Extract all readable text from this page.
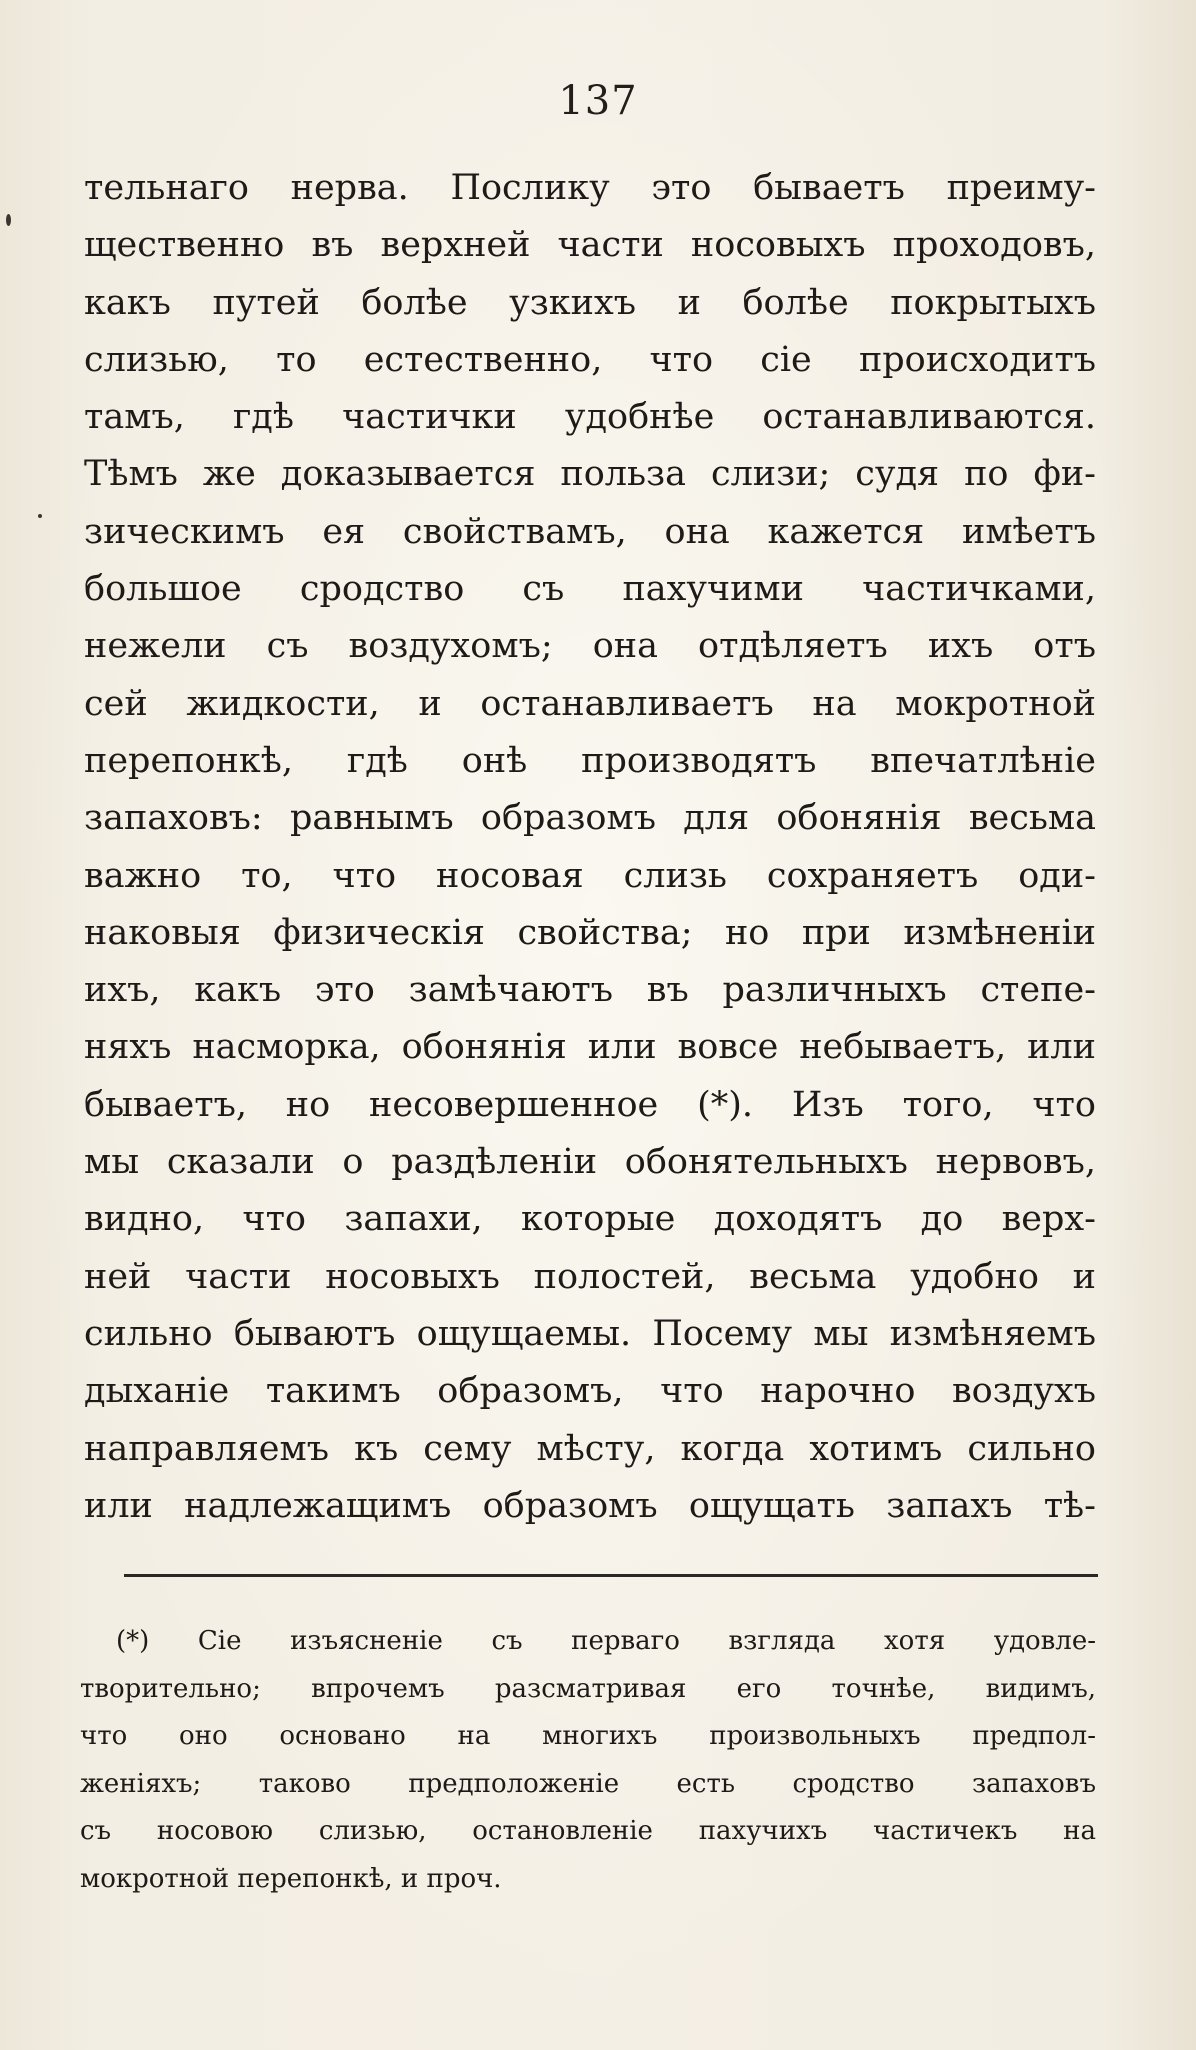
137
тельнаго нерва. Послику это бываетъ преиму-
щественно въ верхней части носовыхъ проходовъ,
какъ путей болѣе узкихъ и болѣе покрытыхъ
слизью, то естественно, что сіе происходитъ
тамъ, гдѣ частички удобнѣе останавливаются.
Тѣмъ же доказывается польза слизи; судя по фи-
зическимъ ея свойствамъ, она кажется имѣетъ
большое сродство съ пахучими частичками,
нежели съ воздухомъ; она отдѣляетъ ихъ отъ
сей жидкости, и останавливаетъ на мокротной
перепонкѣ, гдѣ онѣ производятъ впечатлѣніе
запаховъ: равнымъ образомъ для обонянія весьма
важно то, что носовая слизь сохраняетъ оди-
наковыя физическія свойства; но при измѣненіи
ихъ, какъ это замѣчаютъ въ различныхъ степе-
няхъ насморка, обонянія или вовсе небываетъ, или
бываетъ, но несовершенное (*). Изъ того, что
мы сказали о раздѣленіи обонятельныхъ нервовъ,
видно, что запахи, которые доходятъ до верх-
ней части носовыхъ полостей, весьма удобно и
сильно бываютъ ощущаемы. Посему мы измѣняемъ
дыханіе такимъ образомъ, что нарочно воздухъ
направляемъ къ сему мѣсту, когда хотимъ сильно
или надлежащимъ образомъ ощущать запахъ тѣ-
(*) Сіе изъясненіе съ перваго взгляда хотя удовле-
творительно; впрочемъ разсматривая его точнѣе, видимъ,
что оно основано на многихъ произвольныхъ предпол-
женіяхъ; таково предположеніе есть сродство запаховъ
съ носовою слизью, остановленіе пахучихъ частичекъ на
мокротной перепонкѣ, и проч.
